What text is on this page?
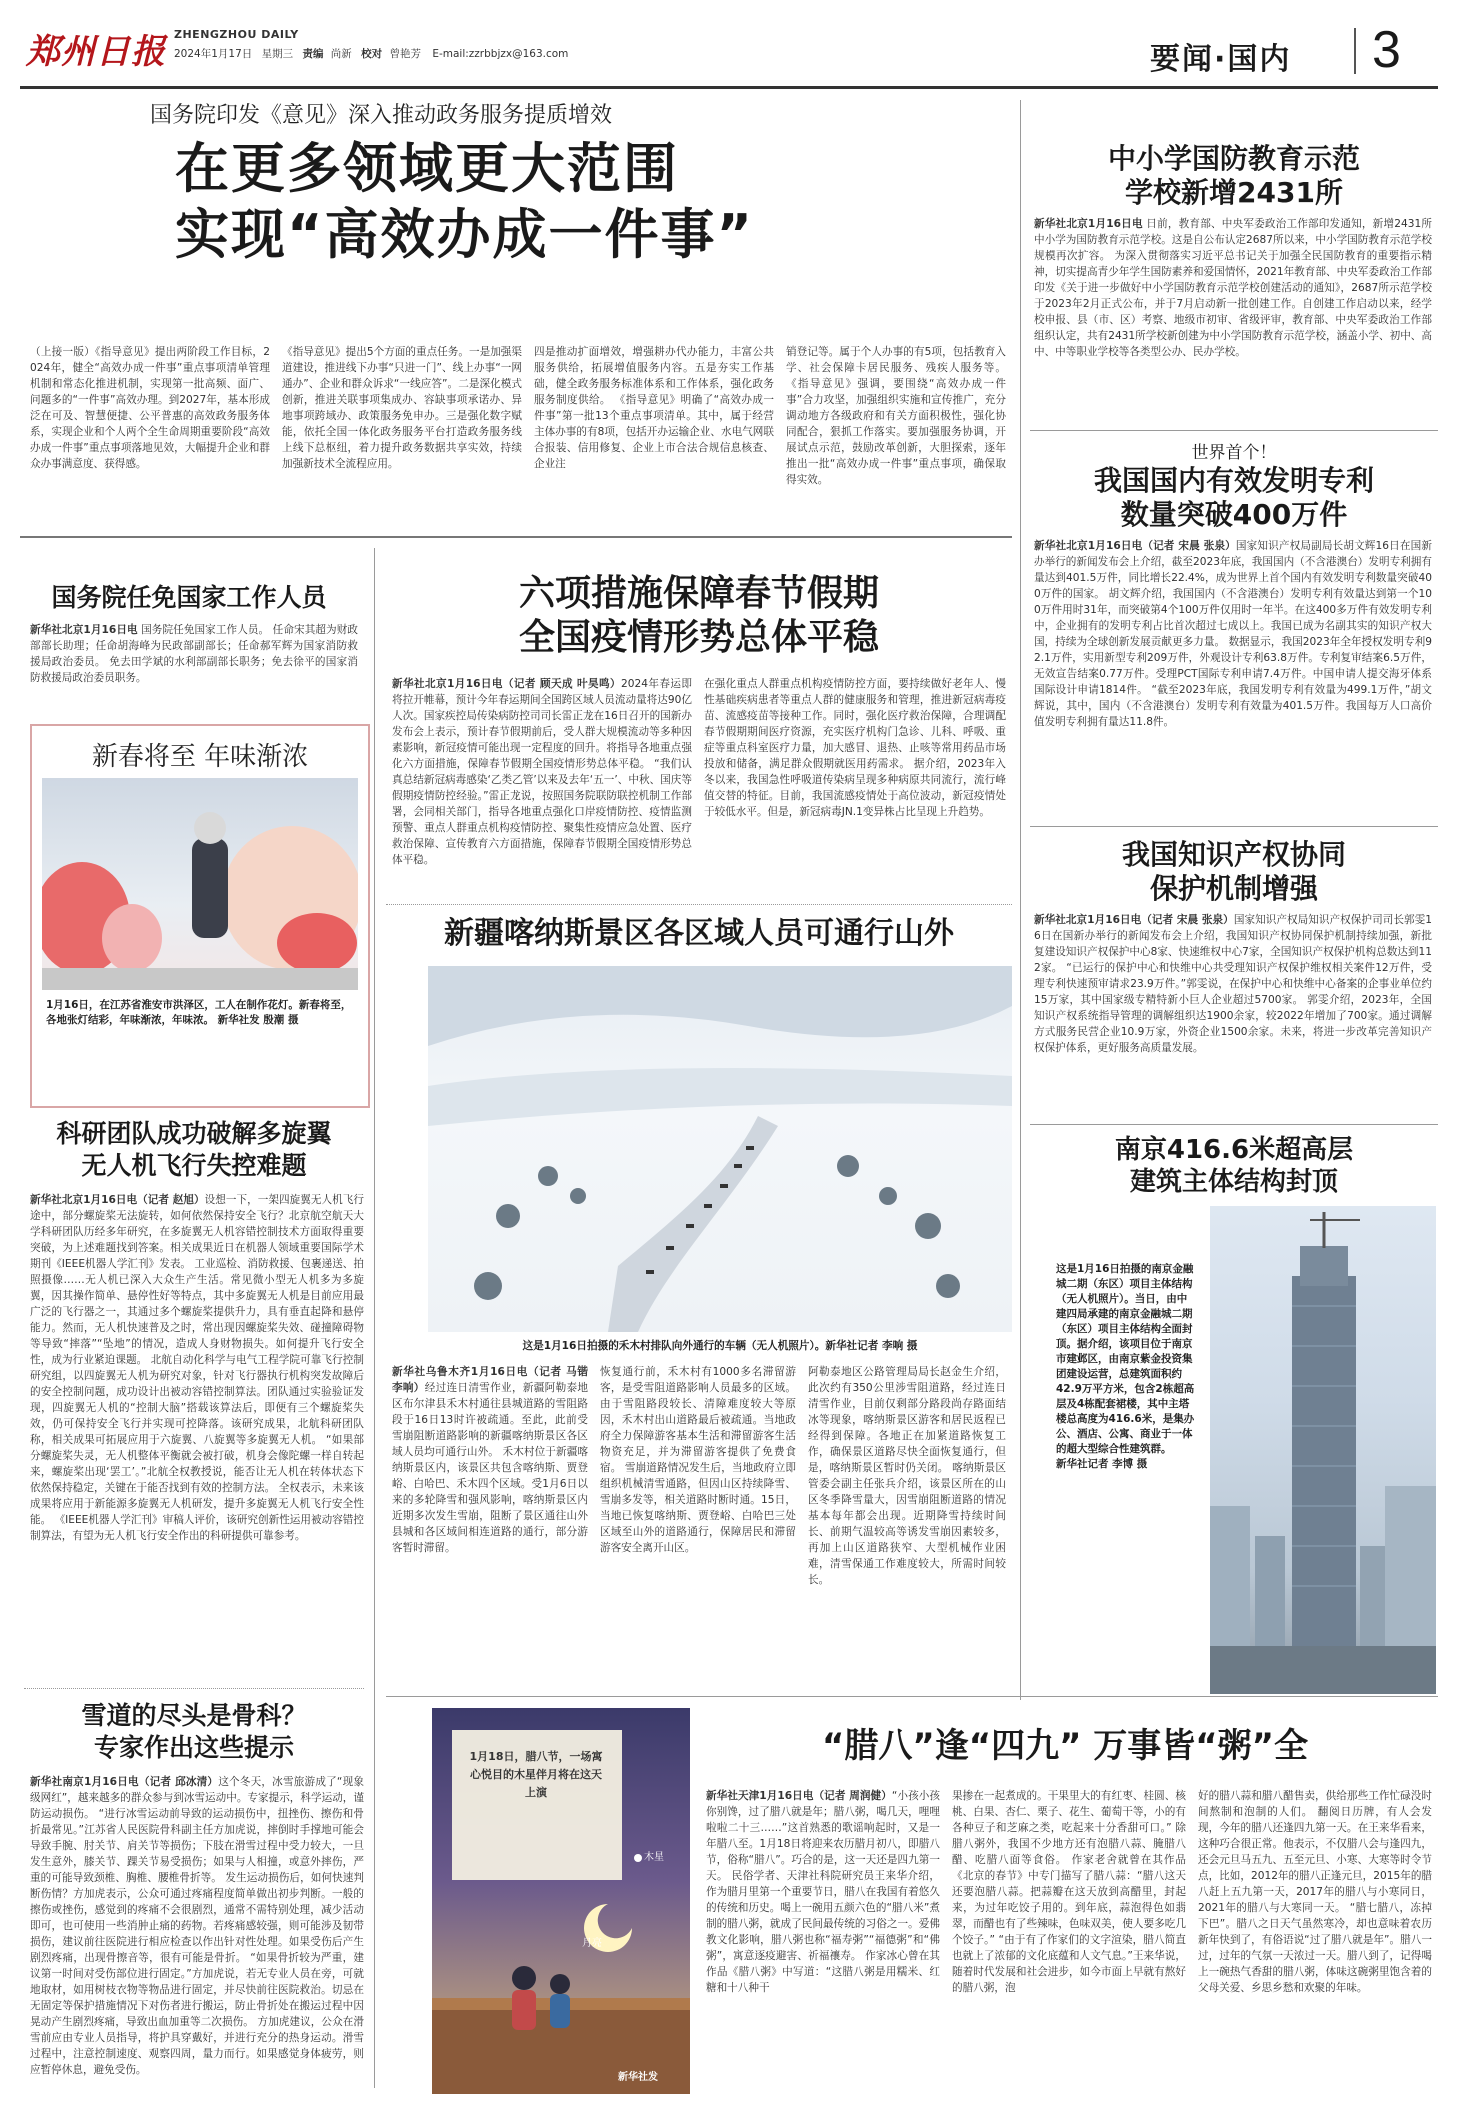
郑州日报 ZHENGZHOU DAILY
2024年1月17日 星期三 责编 尚新 校对 曾艳芳 E-mail:zzrbbjzx@163.com	要闻·国内 3
国务院印发《意见》深入推动政务服务提质增效
在更多领域更大范围
实现“高效办成一件事”
（上接一版）《指导意见》提出两阶段工作目标，2024年，健全“高效办成一件事”重点事项清单管理机制和常态化推进机制，实现第一批高频、面广、问题多的“一件事”高效办理。到2027年，基本形成泛在可及、智慧便捷、公平普惠的高效政务服务体系，实现企业和个人两个全生命周期重要阶段“高效办成一件事”重点事项落地见效，大幅提升企业和群众办事满意度、获得感。
《指导意见》提出5个方面的重点任务。一是加强渠道建设，推进线下办事“只进一门”、线上办事“一网通办”、企业和群众诉求“一线应答”。二是深化模式创新，推进关联事项集成办、容缺事项承诺办、异地事项跨域办、政策服务免申办。三是强化数字赋能，依托全国一体化政务服务平台打造政务服务线上线下总枢纽，着力提升政务数据共享实效，持续加强新技术全流程应用。
四是推动扩面增效，增强耕办代办能力，丰富公共服务供给，拓展增值服务内容。五是夯实工作基础，健全政务服务标准体系和工作体系，强化政务服务制度供给。 《指导意见》明确了“高效办成一件事”第一批13个重点事项清单。其中，属于经营主体办事的有8项，包括开办运输企业、水电气网联合报装、信用修复、企业上市合法合规信息核查、企业注
销登记等。属于个人办事的有5项，包括教育入学、社会保障卡居民服务、残疾人服务等。 《指导意见》强调，要围绕“高效办成一件事”合力攻坚，加强组织实施和宣传推广，充分调动地方各级政府和有关方面积极性，强化协同配合，狠抓工作落实。要加强服务协调，开展试点示范，鼓励改革创新，大胆探索，逐年推出一批“高效办成一件事”重点事项，确保取得实效。
中小学国防教育示范
学校新增2431所
新华社北京1月16日电 日前，教育部、中央军委政治工作部印发通知，新增2431所中小学为国防教育示范学校。这是自公布认定2687所以来，中小学国防教育示范学校规模再次扩容。 为深入贯彻落实习近平总书记关于加强全民国防教育的重要指示精神，切实提高青少年学生国防素养和爱国情怀，2021年教育部、中央军委政治工作部印发《关于进一步做好中小学国防教育示范学校创建活动的通知》，2687所示范学校于2023年2月正式公布，并于7月启动新一批创建工作。自创建工作启动以来，经学校申报、县（市、区）考察、地级市初审、省级评审，教育部、中央军委政治工作部组织认定，共有2431所学校新创建为中小学国防教育示范学校，涵盖小学、初中、高中、中等职业学校等各类型公办、民办学校。
世界首个！
我国国内有效发明专利
数量突破400万件
新华社北京1月16日电（记者 宋晨 张泉）国家知识产权局副局长胡文辉16日在国新办举行的新闻发布会上介绍，截至2023年底，我国国内（不含港澳台）发明专利拥有量达到401.5万件，同比增长22.4%，成为世界上首个国内有效发明专利数量突破400万件的国家。 胡文辉介绍，我国国内（不含港澳台）发明专利有效量达到第一个100万件用时31年，而突破第4个100万件仅用时一年半。在这400多万件有效发明专利中，企业拥有的发明专利占比首次超过七成以上。我国已成为名副其实的知识产权大国，持续为全球创新发展贡献更多力量。 数据显示，我国2023年全年授权发明专利92.1万件，实用新型专利209万件，外观设计专利63.8万件。专利复审结案6.5万件，无效宣告结案0.77万件。受理PCT国际专利申请7.4万件。中国申请人提交海牙体系国际设计申请1814件。 “截至2023年底，我国发明专利有效量为499.1万件，”胡文辉说，其中，国内（不含港澳台）发明专利有效量为401.5万件。我国每万人口高价值发明专利拥有量达11.8件。
我国知识产权协同
保护机制增强
新华社北京1月16日电（记者 宋晨 张泉）国家知识产权局知识产权保护司司长郭雯16日在国新办举行的新闻发布会上介绍，我国知识产权协同保护机制持续加强，新批复建设知识产权保护中心8家、快速维权中心7家，全国知识产权保护机构总数达到112家。 “已运行的保护中心和快维中心共受理知识产权保护维权相关案件12万件，受理专利快速预审请求23.9万件。”郭雯说，在保护中心和快维中心备案的企事业单位约15万家，其中国家级专精特新小巨人企业超过5700家。 郭雯介绍，2023年，全国知识产权系统指导管理的调解组织达1900余家，较2022年增加了700家。通过调解方式服务民营企业10.9万家，外资企业1500余家。未来，将进一步改革完善知识产权保护体系，更好服务高质量发展。
南京416.6米超高层
建筑主体结构封顶
这是1月16日拍摄的南京金融城二期（东区）项目主体结构（无人机照片）。当日，由中建四局承建的南京金融城二期（东区）项目主体结构全面封顶。据介绍，该项目位于南京市建邺区，由南京紫金投资集团建设运营，总建筑面积约42.9万平方米，包含2栋超高层及4栋配套裙楼，其中主塔楼总高度为416.6米，是集办公、酒店、公寓、商业于一体的超大型综合性建筑群。
新华社记者 李博 摄
国务院任免国家工作人员
新华社北京1月16日电 国务院任免国家工作人员。 任命宋其超为财政部部长助理；任命胡海峰为民政部副部长；任命郝军辉为国家消防救援局政治委员。 免去田学斌的水利部副部长职务；免去徐平的国家消防救援局政治委员职务。
新春将至 年味渐浓
1月16日，在江苏省淮安市洪泽区，工人在制作花灯。新春将至，各地张灯结彩，年味渐浓，年味浓。 新华社发 殷潮 摄
科研团队成功破解多旋翼
无人机飞行失控难题
新华社北京1月16日电（记者 赵旭）设想一下，一架四旋翼无人机飞行途中，部分螺旋桨无法旋转，如何依然保持安全飞行？北京航空航天大学科研团队历经多年研究，在多旋翼无人机容错控制技术方面取得重要突破，为上述难题找到答案。相关成果近日在机器人领域重要国际学术期刊《IEEE机器人学汇刊》发表。 工业巡检、消防救援、包裹递送、拍照摄像……无人机已深入大众生产生活。常见微小型无人机多为多旋翼，因其操作简单、悬停性好等特点，其中多旋翼无人机是目前应用最广泛的飞行器之一，其通过多个螺旋桨提供升力，具有垂直起降和悬停能力。然而，无人机快速普及之时，常出现因螺旋桨失效、碰撞障碍物等导致“摔落”“坠地”的情况，造成人身财物损失。如何提升飞行安全性，成为行业紧迫课题。 北航自动化科学与电气工程学院可靠飞行控制研究组，以四旋翼无人机为研究对象，针对飞行器执行机构突发故障后的安全控制问题，成功设计出被动容错控制算法。团队通过实验验证发现，四旋翼无人机的“控制大脑”搭载该算法后，即便有三个螺旋桨失效，仍可保持安全飞行并实现可控降落。该研究成果，北航科研团队称，相关成果可拓展应用于六旋翼、八旋翼等多旋翼无人机。 “如果部分螺旋桨失灵，无人机整体平衡就会被打破，机身会像陀螺一样自转起来，螺旋桨出现‘罢工’。”北航全权教授说，能否让无人机在转体状态下依然保持稳定，关键在于能否找到有效的控制方法。 全权表示，未来该成果将应用于新能源多旋翼无人机研发，提升多旋翼无人机飞行安全性能。 《IEEE机器人学汇刊》审稿人评价，该研究创新性运用被动容错控制算法，有望为无人机飞行安全作出的科研提供可靠参考。
雪道的尽头是骨科？
专家作出这些提示
新华社南京1月16日电（记者 邱冰清）这个冬天，冰雪旅游成了“现象级网红”，越来越多的群众参与到冰雪运动中。专家提示，科学运动，谨防运动损伤。 “进行冰雪运动前导致的运动损伤中，扭挫伤、擦伤和骨折最常见。”江苏省人民医院骨科副主任方加虎说，摔倒时手撑地可能会导致手腕、肘关节、肩关节等损伤；下肢在滑雪过程中受力较大，一旦发生意外，膝关节、踝关节易受损伤；如果与人相撞，或意外摔伤，严重的可能导致颈椎、胸椎、腰椎骨折等。 发生运动损伤后，如何快速判断伤情？方加虎表示，公众可通过疼痛程度简单做出初步判断。一般的擦伤或挫伤，感觉到的疼痛不会很剧烈，通常不需特别处理，减少活动即可，也可使用一些消肿止痛的药物。若疼痛感较强，则可能涉及韧带损伤，建议前往医院进行相应检查以作出针对性处理。如果受伤后产生剧烈疼痛，出现骨擦音等，很有可能是骨折。 “如果骨折较为严重，建议第一时间对受伤部位进行固定。”方加虎说，若无专业人员在旁，可就地取材，如用树枝衣物等物品进行固定，并尽快前往医院救治。切忌在无固定等保护措施情况下对伤者进行搬运，防止骨折处在搬运过程中因晃动产生剧烈疼痛，导致出血加重等二次损伤。 方加虎建议，公众在滑雪前应由专业人员指导，将护具穿戴好，并进行充分的热身运动。滑雪过程中，注意控制速度、观察四周，量力而行。如果感觉身体疲劳，则应暂停休息，避免受伤。
六项措施保障春节假期
全国疫情形势总体平稳
新华社北京1月16日电（记者 顾天成 叶昊鸣）2024年春运即将拉开帷幕，预计今年春运期间全国跨区域人员流动量将达90亿人次。国家疾控局传染病防控司司长雷正龙在16日召开的国新办发布会上表示，预计春节假期前后，受人群大规模流动等多种因素影响，新冠疫情可能出现一定程度的回升。将指导各地重点强化六方面措施，保障春节假期全国疫情形势总体平稳。 “我们认真总结新冠病毒感染‘乙类乙管’以来及去年‘五一’、中秋、国庆等假期疫情防控经验。”雷正龙说，按照国务院联防联控机制工作部署，会同相关部门，指导各地重点强化口岸疫情防控、疫情监测预警、重点人群重点机构疫情防控、聚集性疫情应急处置、医疗救治保障、宣传教育六方面措施，保障春节假期全国疫情形势总体平稳。
在强化重点人群重点机构疫情防控方面，要持续做好老年人、慢性基础疾病患者等重点人群的健康服务和管理，推进新冠病毒疫苗、流感疫苗等接种工作。同时，强化医疗救治保障，合理调配春节假期期间医疗资源，充实医疗机构门急诊、儿科、呼吸、重症等重点科室医疗力量，加大感冒、退热、止咳等常用药品市场投放和储备，满足群众假期就医用药需求。 据介绍，2023年入冬以来，我国急性呼吸道传染病呈现多种病原共同流行，流行峰值交替的特征。目前，我国流感疫情处于高位波动，新冠疫情处于较低水平。但是，新冠病毒JN.1变异株占比呈现上升趋势。
新疆喀纳斯景区各区域人员可通行山外
这是1月16日拍摄的禾木村排队向外通行的车辆（无人机照片）。新华社记者 李响 摄
新华社乌鲁木齐1月16日电（记者 马锴 李响）经过连日清雪作业，新疆阿勒泰地区布尔津县禾木村通往县城道路的雪阻路段于16日13时许被疏通。至此，此前受雪崩阻断道路影响的新疆喀纳斯景区各区域人员均可通行山外。 禾木村位于新疆喀纳斯景区内，该景区共包含喀纳斯、贾登峪、白哈巴、禾木四个区域。受1月6日以来的多轮降雪和强风影响，喀纳斯景区内近期多次发生雪崩，阻断了景区通往山外县城和各区域间相连道路的通行，部分游客暂时滞留。
恢复通行前，禾木村有1000多名滞留游客，是受雪阻道路影响人员最多的区域。由于雪阻路段较长、清障难度较大等原因，禾木村出山道路最后被疏通。当地政府全力保障游客基本生活和滞留游客生活物资充足，并为滞留游客提供了免费食宿。 雪崩道路情况发生后，当地政府立即组织机械清雪通路，但因山区持续降雪、雪崩多发等，相关道路时断时通。15日，当地已恢复喀纳斯、贾登峪、白哈巴三处区域至山外的道路通行，保障居民和滞留游客安全离开山区。
阿勒泰地区公路管理局局长赵金生介绍，此次约有350公里涉雪阻道路，经过连日清雪作业，目前仅剩部分路段尚存路面结冰等现象，喀纳斯景区游客和居民返程已经得到保障。各地正在加紧道路恢复工作，确保景区道路尽快全面恢复通行，但是，喀纳斯景区暂时仍关闭。 喀纳斯景区管委会副主任张兵介绍，该景区所在的山区冬季降雪量大，因雪崩阻断道路的情况基本每年都会出现。近期降雪持续时间长、前期气温较高等诱发雪崩因素较多，再加上山区道路狭窄、大型机械作业困难，清雪保通工作难度较大，所需时间较长。
1月18日，腊八节，一场寓心悦目的木星伴月将在这天上演
木星
月亮
新华社发
“腊八”逢“四九” 万事皆“粥”全
新华社天津1月16日电（记者 周润健）“小孩小孩你别馋，过了腊八就是年；腊八粥，喝几天，哩哩啦啦二十三……”这首熟悉的歌谣响起时，又是一年腊八至。1月18日将迎来农历腊月初八，即腊八节，俗称“腊八”。巧合的是，这一天还是四九第一天。 民俗学者、天津社科院研究员王来华介绍，作为腊月里第一个重要节日，腊八在我国有着悠久的传统和历史。喝上一碗用五颜六色的“腊八米”煮制的腊八粥，就成了民间最传统的习俗之一。爱佛教文化影响，腊八粥也称“福寿粥”“福德粥”和“佛粥”，寓意逐疫避害、祈福禳寿。 作家冰心曾在其作品《腊八粥》中写道：“这腊八粥是用糯米、红糖和十八种干
果掺在一起煮成的。干果里大的有红枣、桂圆、核桃、白果、杏仁、栗子、花生、葡萄干等，小的有各种豆子和芝麻之类，吃起来十分香甜可口。” 除腊八粥外，我国不少地方还有泡腊八蒜、腌腊八醋、吃腊八面等食俗。 作家老舍就曾在其作品《北京的春节》中专门描写了腊八蒜：“腊八这天还要泡腊八蒜。把蒜瓣在这天放到高醋里，封起来，为过年吃饺子用的。到年底，蒜泡得色如翡翠，而醋也有了些辣味，色味双美，使人要多吃几个饺子。” “由于有了作家们的文字渲染，腊八简直也就上了浓郁的文化底蕴和人文气息。”王来华说，随着时代发展和社会进步，如今市面上早就有熬好的腊八粥，泡
好的腊八蒜和腊八醋售卖，供给那些工作忙碌没时间熬制和泡制的人们。 翻阅日历牌，有人会发现，今年的腊八还逢四九第一天。在王来华看来，这种巧合很正常。他表示，不仅腊八会与逢四九，还会元旦马五九、五至元旦、小寒、大寒等时令节点，比如，2012年的腊八正逢元旦，2015年的腊八赶上五九第一天，2017年的腊八与小寒同日，2021年的腊八与大寒同一天。 “腊七腊八，冻掉下巴”。腊八之日天气虽然寒冷，却也意味着农历新年快到了，有俗语说“过了腊八就是年”。腊八一过，过年的气氛一天浓过一天。腊八到了，记得喝上一碗热气香甜的腊八粥，体味这碗粥里饱含着的父母关爱、乡思乡愁和欢聚的年味。
